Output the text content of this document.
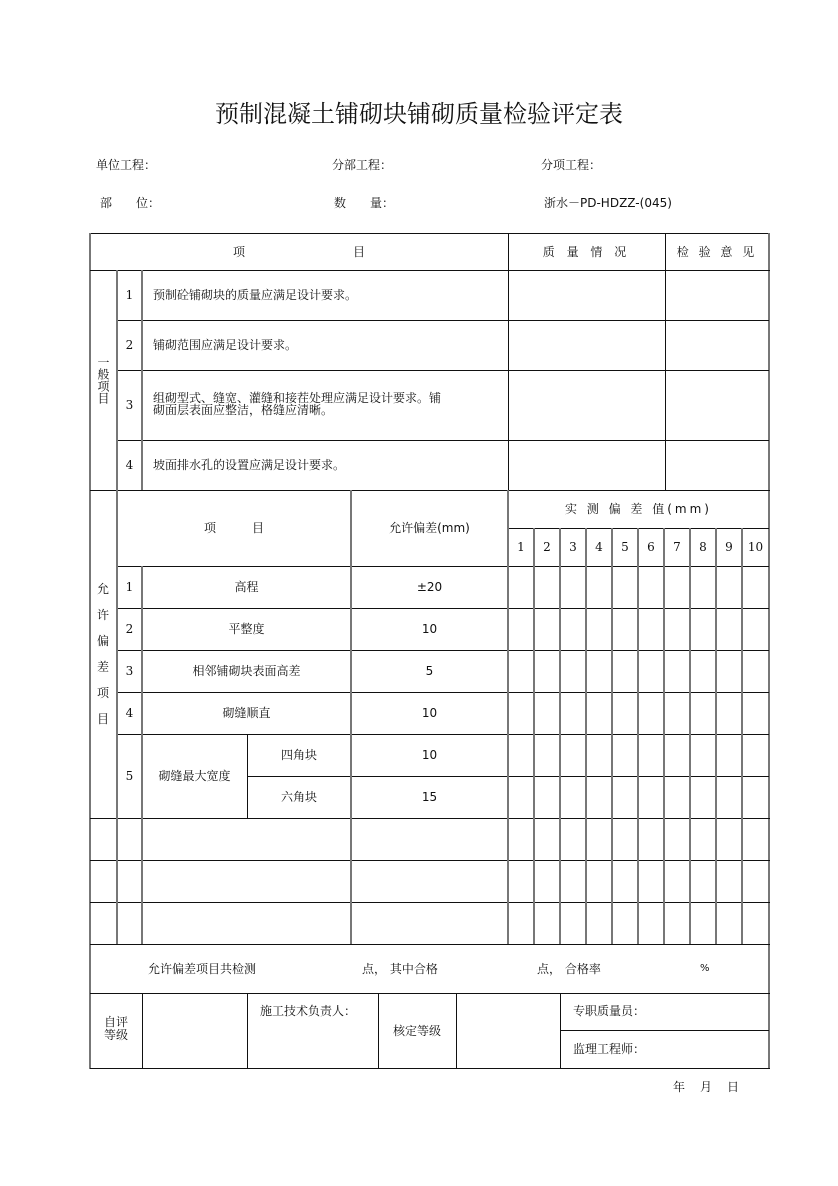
预制混凝土铺砌块铺砌质量检验评定表
单位工程：	分部工程：	分项工程：
部　　位：	数　　量：	浙水－PD-HDZZ-(045)
项　　　　　　　　　目	质 量 情 况	检 验 意 见
一般项目
1	预制砼铺砌块的质量应满足设计要求。
2	铺砌范围应满足设计要求。
3	组砌型式、缝宽、灌缝和接茬处理应满足设计要求。铺
砌面层表面应整洁，格缝应清晰。
4	坡面排水孔的设置应满足设计要求。
允
许
偏
差
项
目
项　　　目	允许偏差(mm)
实 测 偏 差 值(mm)
1	2	3	4	5	6	7	8	9	10
1	高程	±20
2	平整度	10
3	相邻铺砌块表面高差	5
4	砌缝顺直	10
5	砌缝最大宽度
四角块	10
六角块	15
允许偏差项目共检测	点， 其中合格	点， 合格率	%
自评
等级
施工技术负责人：
核定等级
专职质量员：
监理工程师：
年 月 日
